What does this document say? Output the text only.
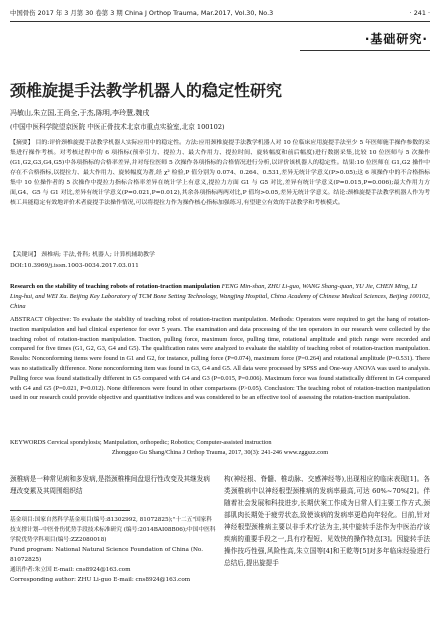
中国骨伤 2017 年 3 月第 30 卷第 3 期 China J Orthop Trauma, Mar.2017, Vol.30, No.3	· 241 ·
·基础研究·
颈椎旋提手法教学机器人的稳定性研究
冯敏山,朱立国,王尚全,于杰,陈明,李玲慧,魏戌
(中国中医科学院望京医院 中医正骨技术北京市重点实验室,北京 100102)
【摘要】 目的:评价颈椎旋提手法教学机器人实际应用中的稳定性。方法:应用颈椎旋提手法教学机器人对 10 位临床应用旋提手法至少 5 年医师施手操作参数的采集进行操作考核。对考核过程中的 6 项指标(预牵引力、提拉力、最大作用力、提拉时间、旋转幅度和前后幅度)进行数据采集,比较 10 位医师与 5 次操作(G1,G2,G3,G4,G5)中各项指标的合格率差异,并对每位医师 5 次操作各项指标的合格情况进行分析,以评价该机器人的稳定性。结果:10 位医师在 G1,G2 操作中存在不合格指标,以提拉力、最大作用力、旋转幅度为著,经 χ² 检验,P 值分别为 0.074、0.264、0.531,差异无统计学意义(P>0.05);这 6 项操作中的不合格指标集中 10 位操作者的 5 次操作中提拉力指标合格率差异在统计学上有意义,提拉力方面 G1 与 G5 对比,差异有统计学意义(P=0.015,P=0.006);最大作用力方面,G4、G5 与 G1 对比,差异有统计学意义(P=0.021,P=0.012),其余各项指标两两对比,P 值均>0.05,差异无统计学意义。结论:颈椎旋提手法教学机器人作为考核工具能稳定有效地评价术者旋提手法操作情况,可以将提拉力作为操作核心指标加强练习,有望建立有效的手法教学和考核模式。
【关键词】 颈椎病; 手法,骨科; 机器人; 计算机辅助教学
DOI:10.3969/j.issn.1003-0034.2017.03.011
Research on the stability of teaching robots of rotation-traction manipulation FENG Min-shan, ZHU Li-guo, WANG Shang-quan, YU Jie, CHEN Ming, LI Ling-hui, and WEI Xu. Beijing Key Laboratory of TCM Bone Setting Technology, Wangjing Hospital, China Academy of Chinese Medical Sciences, Beijing 100102, China
ABSTRACT Objective: To evaluate the stability of teaching robot of rotation-traction manipulation. Methods: Operators were required to get the hang of rotation-traction manipulation and had clinical experience for over 5 years. The examination and data processing of the ten operators in our research were collected by the teaching robot of rotation-traction manipulation. Traction, pulling force, maximum force, pulling time, rotational amplitude and pitch range were recorded and compared for five times (G1, G2, G3, G4 and G5). The qualification rates were analyzed to evaluate the stability of teaching robot of rotation-traction manipulation. Results: Nonconforming items were found in G1 and G2, for instance, pulling force (P=0.074), maximum force (P=0.264) and rotational amplitude (P=0.531). There was no statistically difference. None nonconforming item was found in G3, G4 and G5. All data were processed by SPSS and One-way ANOVA was used to analysis. Pulling force was found statistically different in G5 compared with G4 and G3 (P=0.015, P=0.006). Maximum force was found statistically different in G4 compared with G4 and G5 (P=0.021, P=0.012). None differences were found in other comparisons (P>0.05). Conclusion: The teaching robot of rotation-traction manipulation used in our research could provide objective and quantitative indices and was considered to be an effective tool of assessing the rotation-traction manipulation.
KEYWORDS Cervical spondylosis; Manipulation, orthopedic; Robotics; Computer-assisted instruction
Zhongguo Gu Shang/China J Orthop Trauma, 2017, 30(3): 241-246 www.zggszz.com
颈椎病是一种常见病和多发病,是指颈椎椎间盘退行性改变及其继发病理改变累及其周围组织结
基金项目:国家自然科学基金项目(编号:81302992, 81072825);"十二五"国家科技支撑计划--中医骨伤优势手段技术标准研究 (编号:2014BAI08B06);中国中医科学院优势学科项目(编号:ZZ2080018)
Fund program: National Natural Science Foundation of China (No. 81072825)
通讯作者:朱立国 E-mail: cns8924@163.com
Corresponding author: ZHU Li-guo E-mail: cns8924@163.com
构(神经根、脊髓、椎动脉、交感神经等),出现相应的临床表现[1]。各类颈椎病中以神经根型颈椎病的发病率最高,可达 60%~70%[2]。伴随着社会发展和科技进步,长期伏案工作成为日常人们主要工作方式,颈部肌肉长期处于疲劳状态,致使该病的发病率更趋向年轻化。目前,针对神经根型颈椎病主要以非手术疗法为主,其中旋转手法作为中医治疗该疾病的重要手段之一,具有疗程短、见效快的操作特点[3]。因旋转手法操作技巧性强,风险性高,朱立国等[4]和王乾等[5]对多年临床经验进行总结后,提出旋提手
